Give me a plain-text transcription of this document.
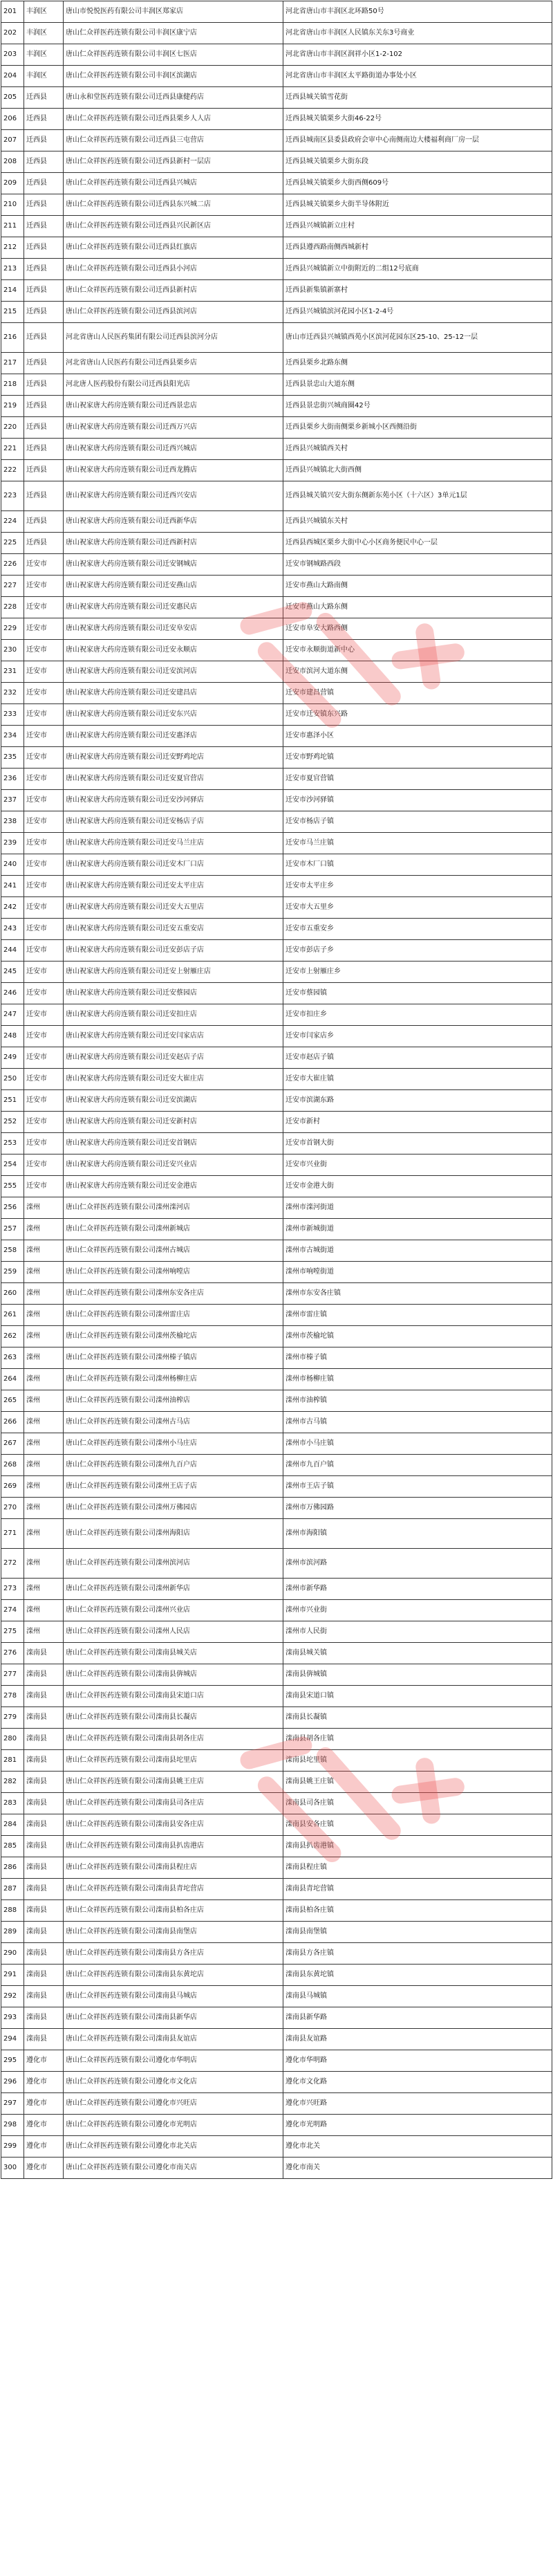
201	丰润区	唐山市悦悦医药有限公司丰润区郑家店	河北省唐山市丰润区北环路50号
202	丰润区	唐山仁众祥医药连锁有限公司丰润区康宁店	河北省唐山市丰润区人民镇东关东3号商业
203	丰润区	唐山仁众祥医药连锁有限公司丰润区七医店	河北省唐山市丰润区润祥小区1-2-102
204	丰润区	唐山仁众祥医药连锁有限公司丰润区滨湖店	河北省唐山市丰润区太平路街道办事处小区
205	迁西县	唐山永和堂医药连锁有限公司迁西县康健药店	迁西县城关镇雪花街
206	迁西县	唐山仁众祥医药连锁有限公司迁西县栗乡人人店	迁西县城关镇栗乡大街46-22号
207	迁西县	唐山仁众祥医药连锁有限公司迁西县三屯营店	迁西县城南区县委县政府会审中心南侧南边大楼福利商厂房一层
208	迁西县	唐山仁众祥医药连锁有限公司迁西县新村一层店	迁西县城关镇栗乡大街东段
209	迁西县	唐山仁众祥医药连锁有限公司迁西县兴城店	迁西县城关镇栗乡大街西侧609号
210	迁西县	唐山仁众祥医药连锁有限公司迁西县东兴城二店	迁西县城关镇栗乡大街半导体附近
211	迁西县	唐山仁众祥医药连锁有限公司迁西县兴民新区店	迁西县兴城镇新立庄村
212	迁西县	唐山仁众祥医药连锁有限公司迁西县红旗店	迁西县遵西路南侧西城新村
213	迁西县	唐山仁众祥医药连锁有限公司迁西县小河店	迁西县兴城镇新立中街附近的二组12号底商
214	迁西县	唐山仁众祥医药连锁有限公司迁西县新村店	迁西县新集镇新寨村
215	迁西县	唐山仁众祥医药连锁有限公司迁西县滨河店	迁西县兴城镇滨河花园小区1-2-4号
216	迁西县	河北省唐山人民医药集团有限公司迁西县滨河分店	唐山市迁西县兴城镇西苑小区滨河花园东区25-10、25-12一层
217	迁西县	河北省唐山人民医药有限公司迁西县栗乡店	迁西县栗乡北路东侧
218	迁西县	河北唐人医药股份有限公司迁西县阳光店	迁西县景忠山大道东侧
219	迁西县	唐山祝家唐大药房连锁有限公司迁西景忠店	迁西县景忠街兴城商圈42号
220	迁西县	唐山祝家唐大药房连锁有限公司迁西万兴店	迁西县栗乡大街南侧栗乡新城小区西侧沿街
221	迁西县	唐山祝家唐大药房连锁有限公司迁西兴城店	迁西县兴城镇西关村
222	迁西县	唐山祝家唐大药房连锁有限公司迁西龙腾店	迁西县兴城镇北大街西侧
223	迁西县	唐山祝家唐大药房连锁有限公司迁西兴安店	迁西县城关镇兴安大街东侧新东苑小区（十六区）3单元1层
224	迁西县	唐山祝家唐大药房连锁有限公司迁西新华店	迁西县兴城镇东关村
225	迁西县	唐山祝家唐大药房连锁有限公司迁西新村店	迁西县西城区栗乡大街中心小区商务便民中心一层
226	迁安市	唐山祝家唐大药房连锁有限公司迁安钢城店	迁安市钢城路西段
227	迁安市	唐山祝家唐大药房连锁有限公司迁安燕山店	迁安市燕山大路南侧
228	迁安市	唐山祝家唐大药房连锁有限公司迁安惠民店	迁安市燕山大路东侧
229	迁安市	唐山祝家唐大药房连锁有限公司迁安阜安店	迁安市阜安大路西侧
230	迁安市	唐山祝家唐大药房连锁有限公司迁安永顺店	迁安市永顺街道新中心
231	迁安市	唐山祝家唐大药房连锁有限公司迁安滨河店	迁安市滨河大道东侧
232	迁安市	唐山祝家唐大药房连锁有限公司迁安建昌店	迁安市建昌营镇
233	迁安市	唐山祝家唐大药房连锁有限公司迁安东兴店	迁安市迁安镇东兴路
234	迁安市	唐山祝家唐大药房连锁有限公司迁安惠泽店	迁安市惠泽小区
235	迁安市	唐山祝家唐大药房连锁有限公司迁安野鸡坨店	迁安市野鸡坨镇
236	迁安市	唐山祝家唐大药房连锁有限公司迁安夏官营店	迁安市夏官营镇
237	迁安市	唐山祝家唐大药房连锁有限公司迁安沙河驿店	迁安市沙河驿镇
238	迁安市	唐山祝家唐大药房连锁有限公司迁安杨店子店	迁安市杨店子镇
239	迁安市	唐山祝家唐大药房连锁有限公司迁安马兰庄店	迁安市马兰庄镇
240	迁安市	唐山祝家唐大药房连锁有限公司迁安木厂口店	迁安市木厂口镇
241	迁安市	唐山祝家唐大药房连锁有限公司迁安太平庄店	迁安市太平庄乡
242	迁安市	唐山祝家唐大药房连锁有限公司迁安大五里店	迁安市大五里乡
243	迁安市	唐山祝家唐大药房连锁有限公司迁安五重安店	迁安市五重安乡
244	迁安市	唐山祝家唐大药房连锁有限公司迁安彭店子店	迁安市彭店子乡
245	迁安市	唐山祝家唐大药房连锁有限公司迁安上射雁庄店	迁安市上射雁庄乡
246	迁安市	唐山祝家唐大药房连锁有限公司迁安蔡园店	迁安市蔡园镇
247	迁安市	唐山祝家唐大药房连锁有限公司迁安扣庄店	迁安市扣庄乡
248	迁安市	唐山祝家唐大药房连锁有限公司迁安闫家店店	迁安市闫家店乡
249	迁安市	唐山祝家唐大药房连锁有限公司迁安赵店子店	迁安市赵店子镇
250	迁安市	唐山祝家唐大药房连锁有限公司迁安大崔庄店	迁安市大崔庄镇
251	迁安市	唐山祝家唐大药房连锁有限公司迁安滨湖店	迁安市滨湖东路
252	迁安市	唐山祝家唐大药房连锁有限公司迁安新村店	迁安市新村
253	迁安市	唐山祝家唐大药房连锁有限公司迁安首钢店	迁安市首钢大街
254	迁安市	唐山祝家唐大药房连锁有限公司迁安兴业店	迁安市兴业街
255	迁安市	唐山祝家唐大药房连锁有限公司迁安金港店	迁安市金港大街
256	滦州	唐山仁众祥医药连锁有限公司滦州滦河店	滦州市滦河街道
257	滦州	唐山仁众祥医药连锁有限公司滦州新城店	滦州市新城街道
258	滦州	唐山仁众祥医药连锁有限公司滦州古城店	滦州市古城街道
259	滦州	唐山仁众祥医药连锁有限公司滦州响嘡店	滦州市响嘡街道
260	滦州	唐山仁众祥医药连锁有限公司滦州东安各庄店	滦州市东安各庄镇
261	滦州	唐山仁众祥医药连锁有限公司滦州雷庄店	滦州市雷庄镇
262	滦州	唐山仁众祥医药连锁有限公司滦州茨榆坨店	滦州市茨榆坨镇
263	滦州	唐山仁众祥医药连锁有限公司滦州榛子镇店	滦州市榛子镇
264	滦州	唐山仁众祥医药连锁有限公司滦州杨柳庄店	滦州市杨柳庄镇
265	滦州	唐山仁众祥医药连锁有限公司滦州油榨店	滦州市油榨镇
266	滦州	唐山仁众祥医药连锁有限公司滦州古马店	滦州市古马镇
267	滦州	唐山仁众祥医药连锁有限公司滦州小马庄店	滦州市小马庄镇
268	滦州	唐山仁众祥医药连锁有限公司滦州九百户店	滦州市九百户镇
269	滦州	唐山仁众祥医药连锁有限公司滦州王店子店	滦州市王店子镇
270	滦州	唐山仁众祥医药连锁有限公司滦州万佛园店	滦州市万佛园路
271	滦州	唐山仁众祥医药连锁有限公司滦州海阳店	滦州市海阳镇
272	滦州	唐山仁众祥医药连锁有限公司滦州滨河店	滦州市滨河路
273	滦州	唐山仁众祥医药连锁有限公司滦州新华店	滦州市新华路
274	滦州	唐山仁众祥医药连锁有限公司滦州兴业店	滦州市兴业街
275	滦州	唐山仁众祥医药连锁有限公司滦州人民店	滦州市人民街
276	滦南县	唐山仁众祥医药连锁有限公司滦南县城关店	滦南县城关镇
277	滦南县	唐山仁众祥医药连锁有限公司滦南县倴城店	滦南县倴城镇
278	滦南县	唐山仁众祥医药连锁有限公司滦南县宋道口店	滦南县宋道口镇
279	滦南县	唐山仁众祥医药连锁有限公司滦南县长凝店	滦南县长凝镇
280	滦南县	唐山仁众祥医药连锁有限公司滦南县胡各庄店	滦南县胡各庄镇
281	滦南县	唐山仁众祥医药连锁有限公司滦南县坨里店	滦南县坨里镇
282	滦南县	唐山仁众祥医药连锁有限公司滦南县姚王庄店	滦南县姚王庄镇
283	滦南县	唐山仁众祥医药连锁有限公司滦南县司各庄店	滦南县司各庄镇
284	滦南县	唐山仁众祥医药连锁有限公司滦南县安各庄店	滦南县安各庄镇
285	滦南县	唐山仁众祥医药连锁有限公司滦南县扒齿港店	滦南县扒齿港镇
286	滦南县	唐山仁众祥医药连锁有限公司滦南县程庄店	滦南县程庄镇
287	滦南县	唐山仁众祥医药连锁有限公司滦南县青坨营店	滦南县青坨营镇
288	滦南县	唐山仁众祥医药连锁有限公司滦南县柏各庄店	滦南县柏各庄镇
289	滦南县	唐山仁众祥医药连锁有限公司滦南县南堡店	滦南县南堡镇
290	滦南县	唐山仁众祥医药连锁有限公司滦南县方各庄店	滦南县方各庄镇
291	滦南县	唐山仁众祥医药连锁有限公司滦南县东黄坨店	滦南县东黄坨镇
292	滦南县	唐山仁众祥医药连锁有限公司滦南县马城店	滦南县马城镇
293	滦南县	唐山仁众祥医药连锁有限公司滦南县新华店	滦南县新华路
294	滦南县	唐山仁众祥医药连锁有限公司滦南县友谊店	滦南县友谊路
295	遵化市	唐山仁众祥医药连锁有限公司遵化市华明店	遵化市华明路
296	遵化市	唐山仁众祥医药连锁有限公司遵化市文化店	遵化市文化路
297	遵化市	唐山仁众祥医药连锁有限公司遵化市兴旺店	遵化市兴旺路
298	遵化市	唐山仁众祥医药连锁有限公司遵化市光明店	遵化市光明路
299	遵化市	唐山仁众祥医药连锁有限公司遵化市北关店	遵化市北关
300	遵化市	唐山仁众祥医药连锁有限公司遵化市南关店	遵化市南关
